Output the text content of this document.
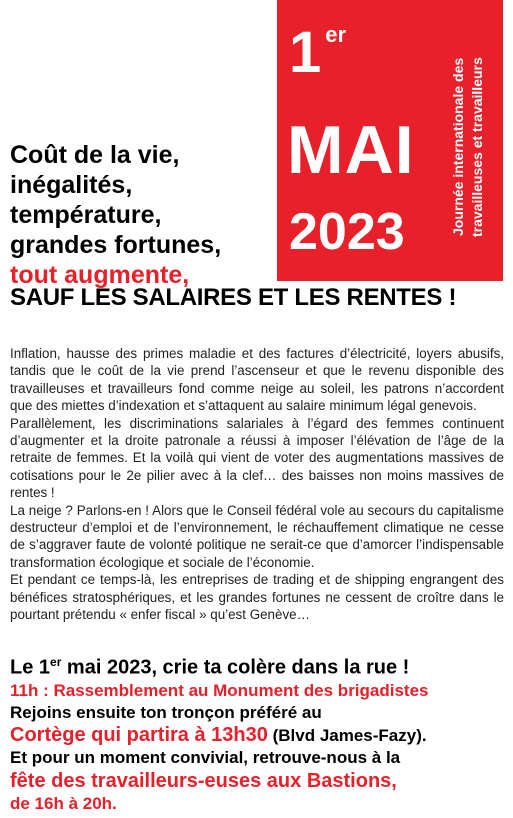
1 $^{er}$
MAI
2023	Journée internationale des travailleuses et travailleurs
Coût de la vie,
inégalités,
température,
grandes fortunes,
tout augmente,
SAUF LES SALAIRES ET LES RENTES !

Inflation, hausse des primes maladie et des factures d’électricité, loyers abusifs, tandis que le coût de la vie prend l’ascenseur et que le revenu disponible des travailleuses et travailleurs fond comme neige au soleil, les patrons n’accordent que des miettes d’indexation et s’attaquent au salaire minimum légal genevois.

Parallèlement, les discriminations salariales à l’égard des femmes continuent d’augmenter et la droite patronale a réussi à imposer l’élévation de l’âge de la retraite de femmes. Et la voilà qui vient de voter des augmentations massives de cotisations pour le 2e pilier avec à la clef… des baisses non moins massives de rentes !

La neige ? Parlons-en ! Alors que le Conseil fédéral vole au secours du capitalisme destructeur d’emploi et de l’environnement, le réchauffement climatique ne cesse de s’aggraver faute de volonté politique ne serait-ce que d’amorcer l’indispensable transformation écologique et sociale de l’économie.

Et pendant ce temps-là, les entreprises de trading et de shipping engrangent des bénéfices stratosphériques, et les grandes fortunes ne cessent de croître dans le pourtant prétendu « enfer fiscal » qu’est Genève…

Le 1er mai 2023, crie ta colère dans la rue !
11h : Rassemblement au Monument des brigadistes
Rejoins ensuite ton tronçon préféré au
Cortège qui partira à 13h30 (Blvd James-Fazy).
Et pour un moment convivial, retrouve-nous à la
fête des travailleurs-euses aux Bastions,
de 16h à 20h.
